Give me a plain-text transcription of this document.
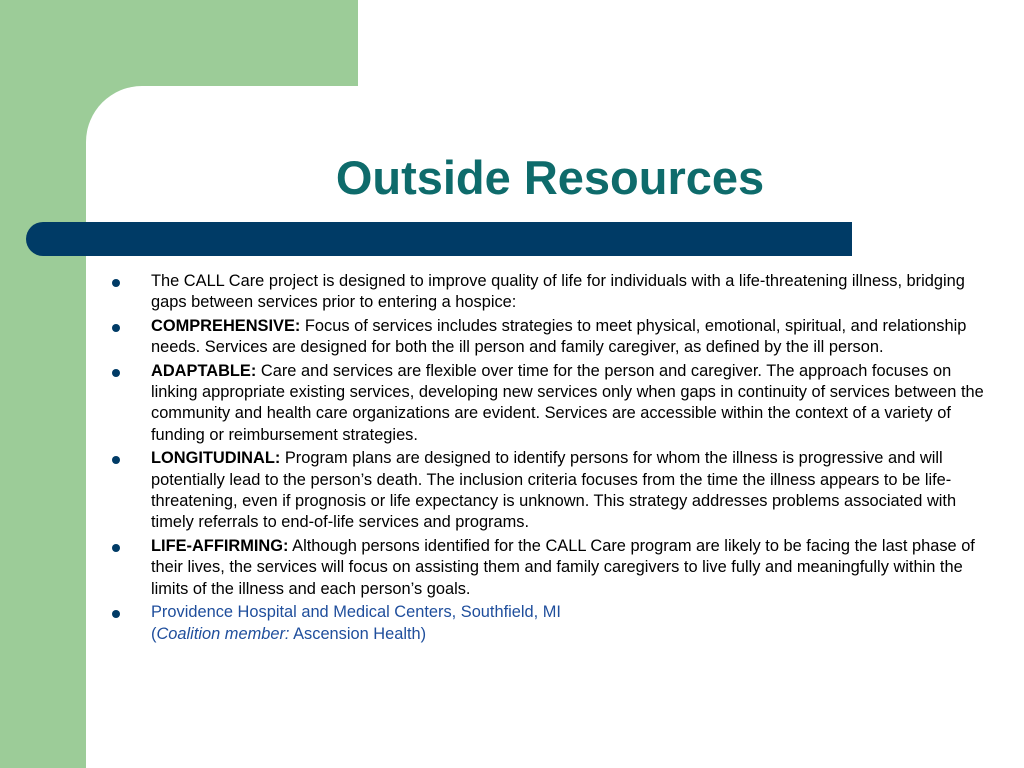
Outside Resources
The CALL Care project is designed to improve quality of life for individuals with a life-threatening illness, bridging gaps between services prior to entering a hospice:
COMPREHENSIVE: Focus of services includes strategies to meet physical, emotional, spiritual, and relationship needs. Services are designed for both the ill person and family caregiver, as defined by the ill person.
ADAPTABLE: Care and services are flexible over time for the person and caregiver. The approach focuses on linking appropriate existing services, developing new services only when gaps in continuity of services between the community and health care organizations are evident. Services are accessible within the context of a variety of funding or reimbursement strategies.
LONGITUDINAL: Program plans are designed to identify persons for whom the illness is progressive and will potentially lead to the person’s death. The inclusion criteria focuses from the time the illness appears to be life-threatening, even if prognosis or life expectancy is unknown. This strategy addresses problems associated with timely referrals to end-of-life services and programs.
LIFE-AFFIRMING: Although persons identified for the CALL Care program are likely to be facing the last phase of their lives, the services will focus on assisting them and family caregivers to live fully and meaningfully within the limits of the illness and each person’s goals.
Providence Hospital and Medical Centers, Southfield, MI
(Coalition member: Ascension Health)
